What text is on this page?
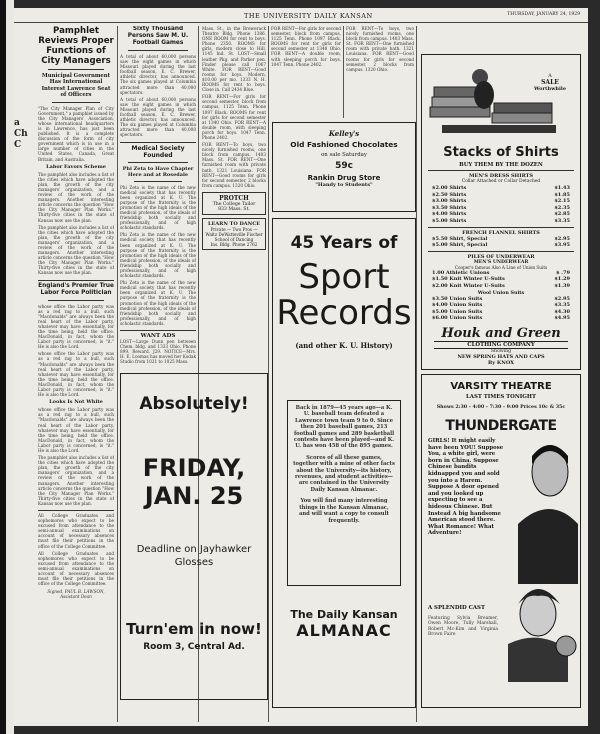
THE UNIVERSITY DAILY KANSAN	THURSDAY, JANUARY 24, 1929
Pamphlet Reviews Proper Functions of City Managers
Municipal Government Has International Interest Lawrence Seat of Officers
"The City Manager Plan of City Government," a pamphlet issued by the City Managers' Association, whose international headquarters is in Lawrence, has just been published. It is a complete discussion of the form of city government which is in use in a large number of cities in the United States, Canada, Great Britain, and Australia.
Labor Favors Scheme
The pamphlet also includes a list of the cities which have adopted the plan, the growth of the city managers' organization, and a review of the work of the managers. Another interesting article concerns the question "How the City Manager Plan Works." Thirty-five cities in the state of Kansas now use the plan.
The pamphlet also includes a list of the cities which have adopted the plan, the growth of the city managers' organization, and a review of the work of the managers. Another interesting article concerns the question "How the City Manager Plan Works." Thirty-five cities in the state of Kansas now use the plan.
England's Premier True Labor Force Politician
whose office the Labor party was as a red rag to a bull, such "Macdonalds" are always been the real heart of the Labor party, whatever may have essentially, for the time being, held the office. MacDonald, in fact, whom the Labor party is concerned, is "it." He is also the Lord.
whose office the Labor party was as a red rag to a bull, such "Macdonalds" are always been the real heart of the Labor party, whatever may have essentially, for the time being, held the office. MacDonald, in fact, whom the Labor party is concerned, is "it." He is also the Lord.
Looks Is Not White
whose office the Labor party was as a red rag to a bull, such "Macdonalds" are always been the real heart of the Labor party, whatever may have essentially, for the time being, held the office. MacDonald, in fact, whom the Labor party is concerned, is "it." He is also the Lord.
The pamphlet also includes a list of the cities which have adopted the plan, the growth of the city managers' organization, and a review of the work of the managers. Another interesting article concerns the question "How the City Manager Plan Works." Thirty-five cities in the state of Kansas now use the plan.
All College Graduates and sophomores who expect to be excused from attendance to the semi-annual examinations on account of necessary absences must file their petitions in the office of the College Committee.
All College Graduates and sophomores who expect to be excused from attendance to the semi-annual examinations on account of necessary absences must file their petitions in the office of the College Committee.
Signed, PAUL B. LAWSON, Assistant Dean
a
Ch
C
Sixty Thousand Persons Saw M. U. Football Games
A total of about 60,000 persons saw the eight games in which Missouri played during the last football season, E. C. Brewer, athletic director, has announced. The six games played at Columbia attracted more than 40,000 spectators.
A total of about 60,000 persons saw the eight games in which Missouri played during the last football season, E. C. Brewer, athletic director, has announced. The six games played at Columbia attracted more than 40,000 spectators.
Medical Society Founded
Phi Zeta to Have Chapter Here and at Rosedale
Phi Zeta is the name of the new medical society that has recently been organized at K. U. The purpose of the fraternity is the promotion of the high ideals of the medical profession, of the ideals of friendship both socially and professionally, and of high scholastic standards.
Phi Zeta is the name of the new medical society that has recently been organized at K. U. The purpose of the fraternity is the promotion of the high ideals of the medical profession, of the ideals of friendship both socially and professionally, and of high scholastic standards.
Phi Zeta is the name of the new medical society that has recently been organized at K. U. The purpose of the fraternity is the promotion of the high ideals of the medical profession, of the ideals of friendship both socially and professionally, and of high scholastic standards.
WANT ADS
LOST—Large Dunn pen between Chem. bldg. and 1333 Ohio. Phone 899. Reward. J29. NOTICE—Mrs. H. E. Loomas has moved her Kodak Studio from 1021 to 1025 Mass.
Mass. St., in the Brewerack Theatre Bldg. Phone 1386. ONE ROOM for rent to boys. Phone 2350. ROOMS for girls, modern close to Hill, 1145 Ind. St. LOST—Small leather Pkg. and Parker pen. Finder please call 1067 White. FOR RENT—Good rooms for boys. Modern, $10.00 per mo. 1333 N. H. ROOMS for rent to boys. Close in. Call 2434 Blue.
FOR RENT—For girls for second semester, block from campus, 1125 Tenn. Phone 1097 Black. ROOMS for rent for girls for second semester at 1340 Ohio. FOR RENT—A double room, with sleeping porch for boys. 1047 Tenn. Phone 2402.
FOR RENT—To boys, two nicely furnished rooms, one block from campus. 1403 Mass. St. FOR RENT—One furnished room with private bath. 1321 Louisiana. FOR RENT—Good rooms for girls for second semester, 2 blocks from campus. 1320 Ohio.
PROTCH
The College Tailor
833 Mass. St.
LEARN TO DANCE
Private — Two Pros — Waltz DeWatteville Fischer School of Dancing
Ins. Bldg. Phone 2762
FOR RENT—For girls for second semester, block from campus, 1125 Tenn. Phone 1097 Black. ROOMS for rent for girls for second semester at 1340 Ohio. FOR RENT—A double room, with sleeping porch for boys. 1047 Tenn. Phone 2402.
FOR RENT—To boys, two nicely furnished rooms, one block from campus. 1403 Mass. St. FOR RENT—One furnished room with private bath. 1321 Louisiana. FOR RENT—Good rooms for girls for second semester, 2 blocks from campus. 1320 Ohio.
Kelley's
Old Fashioned Chocolates
on sale Saturday
59c
Rankin Drug Store
"Handy to Students"
45 Years of
Sport
Records
(and other K. U. History)
Back in 1879—45 years ago—a K. U. baseball team defeated a Lawrence town team 9 to 0. Since then 201 baseball games, 213 football games and 289 basketball contests have been played—and K. U. has won 458 of the 895 games.
Scores of all these games, together with a mine of other facts about the University—its history, revenues, and student activities—are contained in the University Daily Kansan Almanac.
You will find many interesting things in the Kansan Almanac, and will want a copy to consult frequently.
The Daily Kansan
ALMANAC
Absolutely!
FRIDAY,
JAN. 25
Deadline on Jayhawker
Glosses
Turn'em in now!
Room 3, Central Ad.
A
SALE
Worthwhile
Stacks of Shirts
BUY THEM BY THE DOZEN
MEN'S DRESS SHIRTS
Collar Attached or Collar Detached
$2.00 Shirts	$1.43
$2.50 Shirts	$1.85
$3.00 Shirts	$2.15
$3.50 Shirts	$2.35
$4.00 Shirts	$2.85
$5.00 Shirts	$3.35
FRENCH FLANNEL SHIRTS
$5.50 Shirt, Special	$2.95
$5.00 Shirt, Special	$3.95
PILES OF UNDERWEAR
MEN'S UNDERWEAR
Cooper's famous Also A Line of Union Suits
1.00 Athletic Unions	$ .79
$1.50 Knit Winter U-Suits	$1.29
$2.00 Knit Winter U-Suits	$1.39
Wool Union Suits
$3.50 Union Suits	$2.95
$4.00 Union Suits	$3.35
$5.00 Union Suits	$4.30
$6.00 Union Suits	$4.95
Houk and Green
CLOTHING COMPANY
Showing
NEW SPRING HATS AND CAPS
By KNOX
VARSITY THEATRE
LAST TIMES TONIGHT
Shows 2:30 - 4:00 - 7:30 - 9:00 Prices 10c & 35c
THUNDERGATE
GIRLS! It might easily have been YOU! Suppose You, a white girl, were born in China. Suppose Chinese bandits kidnapped you and sold you into a Harem. Suppose A door opened and you looked up expecting to see a hideous Chinese. But Instead A big handsome American stood there. What Romance! What Adventure!
A SPLENDID CAST
Featuring Sylvia Breamer, Owen Moore, Tully Marshall, Robert Mc-Kim and Virginia Brown Faire
